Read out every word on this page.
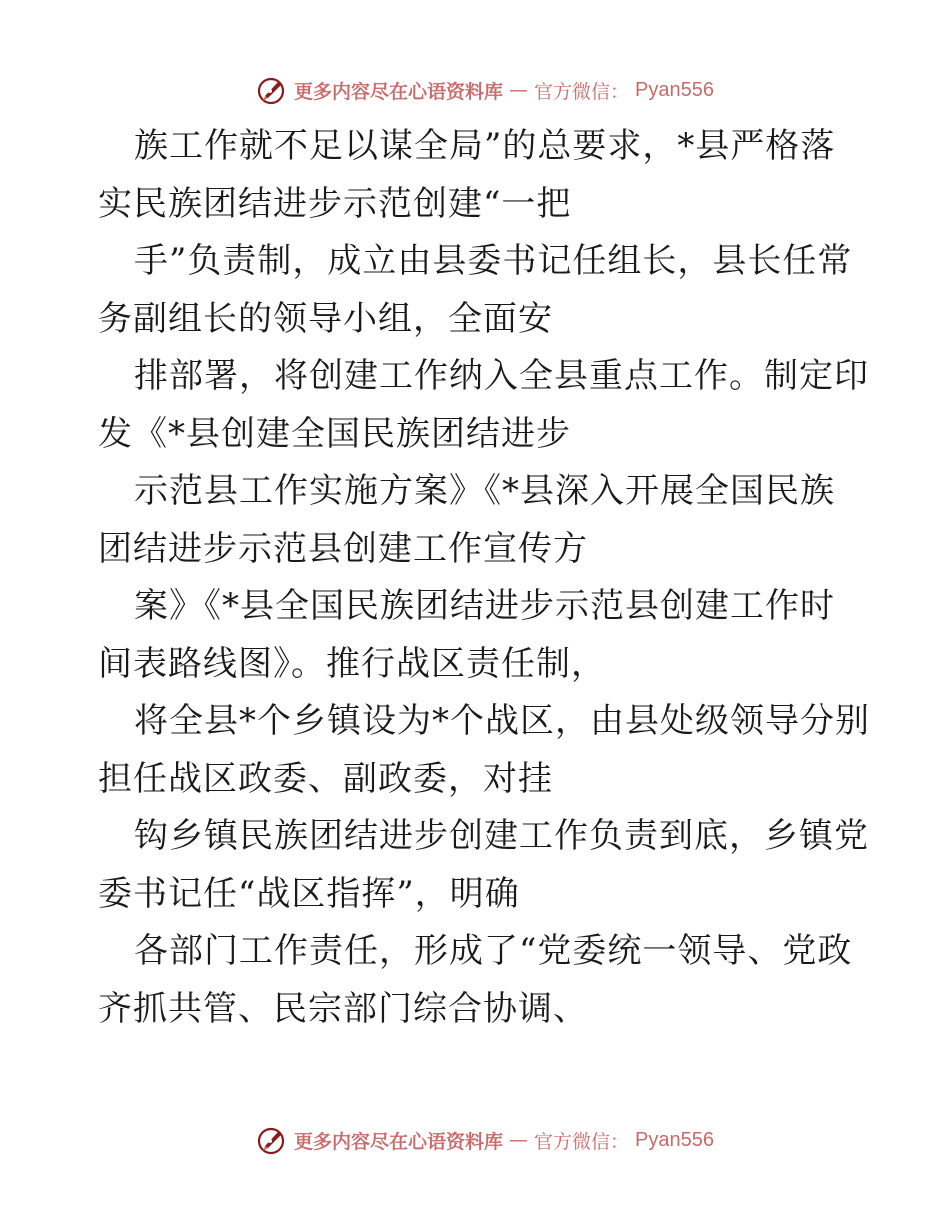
更多内容尽在心语资料库 — 官方微信： Pyan556
族工作就不足以谋全局”的总要求，*县严格落
实民族团结进步示范创建“一把
手”负责制，成立由县委书记任组长，县长任常
务副组长的领导小组，全面安
排部署，将创建工作纳入全县重点工作。制定印
发《*县创建全国民族团结进步
示范县工作实施方案》《*县深入开展全国民族
团结进步示范县创建工作宣传方
案》《*县全国民族团结进步示范县创建工作时
间表路线图》。推行战区责任制，
将全县*个乡镇设为*个战区，由县处级领导分别
担任战区政委、副政委，对挂
钩乡镇民族团结进步创建工作负责到底，乡镇党
委书记任“战区指挥”，明确
各部门工作责任，形成了“党委统一领导、党政
齐抓共管、民宗部门综合协调、
更多内容尽在心语资料库 — 官方微信： Pyan556
